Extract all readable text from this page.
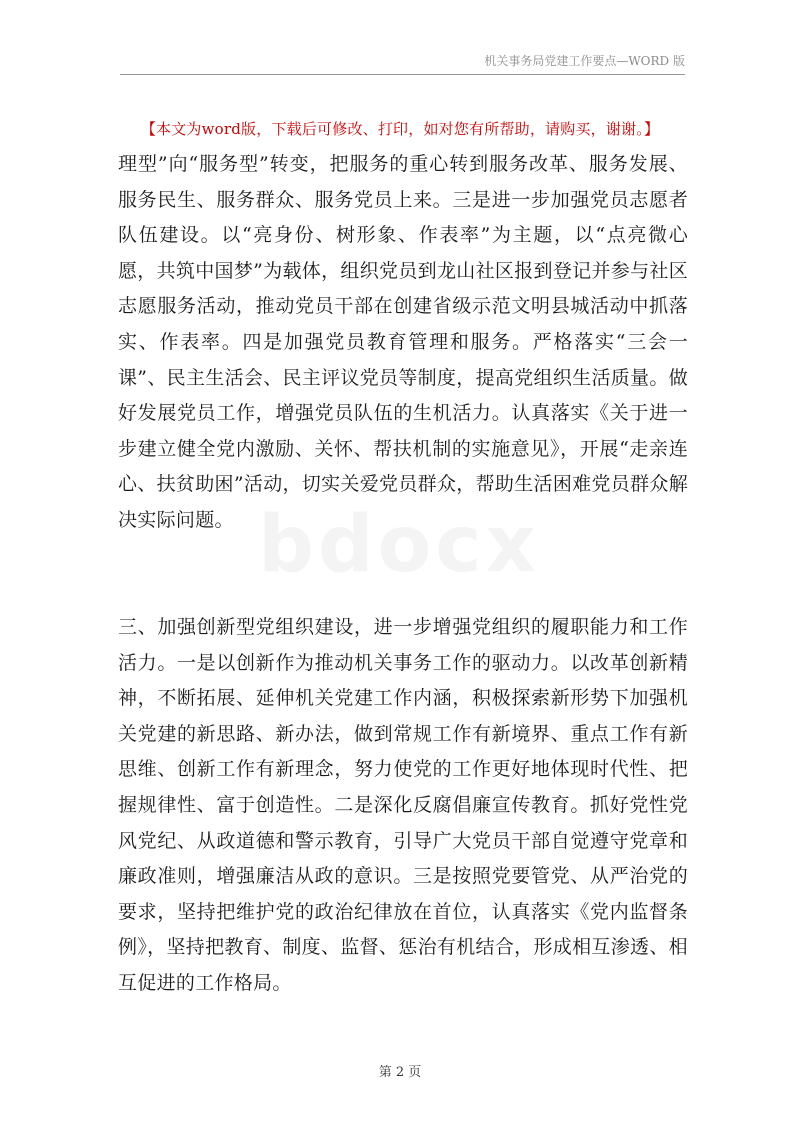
机关事务局党建工作要点—WORD 版
【本文为word版，下载后可修改、打印，如对您有所帮助，请购买，谢谢。】
bdocx

理型”向“服务型”转变，把服务的重心转到服务改革、服务发展、服务民生、服务群众、服务党员上来。三是进一步加强党员志愿者队伍建设。以“亮身份、树形象、作表率”为主题，以“点亮微心愿，共筑中国梦”为载体，组织党员到龙山社区报到登记并参与社区志愿服务活动，推动党员干部在创建省级示范文明县城活动中抓落实、作表率。四是加强党员教育管理和服务。严格落实“三会一课”、民主生活会、民主评议党员等制度，提高党组织生活质量。做好发展党员工作，增强党员队伍的生机活力。认真落实《关于进一步建立健全党内激励、关怀、帮扶机制的实施意见》，开展“走亲连心、扶贫助困”活动，切实关爱党员群众，帮助生活困难党员群众解决实际问题。

三、加强创新型党组织建设，进一步增强党组织的履职能力和工作活力。一是以创新作为推动机关事务工作的驱动力。以改革创新精神，不断拓展、延伸机关党建工作内涵，积极探索新形势下加强机关党建的新思路、新办法，做到常规工作有新境界、重点工作有新思维、创新工作有新理念，努力使党的工作更好地体现时代性、把握规律性、富于创造性。二是深化反腐倡廉宣传教育。抓好党性党风党纪、从政道德和警示教育，引导广大党员干部自觉遵守党章和廉政准则，增强廉洁从政的意识。三是按照党要管党、从严治党的要求，坚持把维护党的政治纪律放在首位，认真落实《党内监督条例》，坚持把教育、制度、监督、惩治有机结合，形成相互渗透、相互促进的工作格局。

第 2 页
